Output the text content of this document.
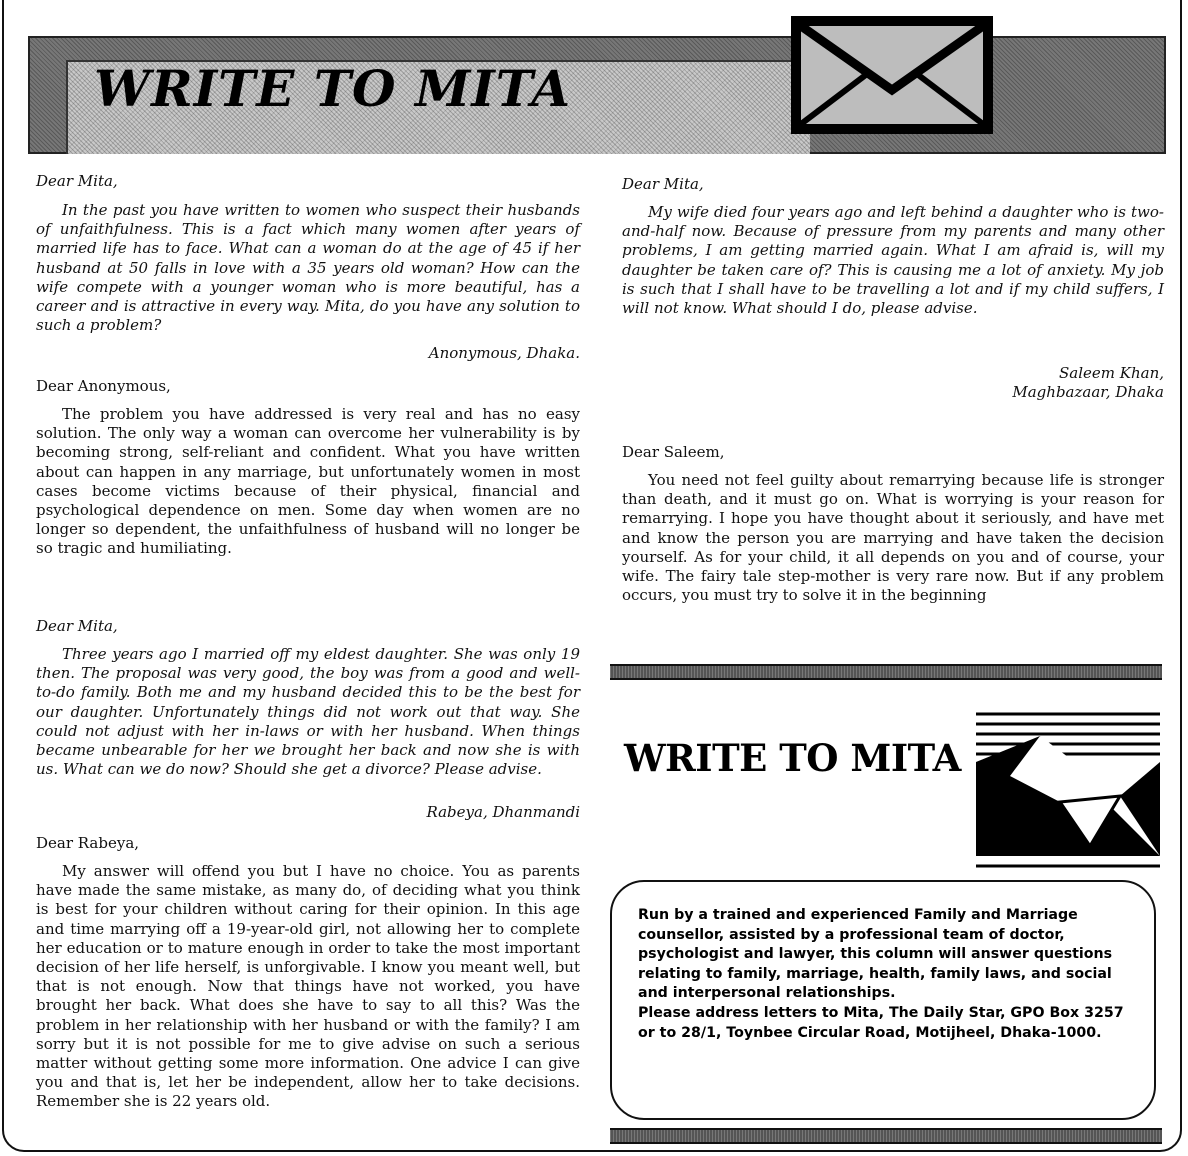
WRITE TO MITA
Dear Mita,

In the past you have written to women who suspect their husbands of unfaithfulness. This is a fact which many women after years of married life has to face. What can a woman do at the age of 45 if her husband at 50 falls in love with a 35 years old woman? How can the wife compete with a younger woman who is more beautiful, has a career and is attractive in every way. Mita, do you have any solution to such a problem?

Anonymous, Dhaka.
Dear Anonymous,

The problem you have addressed is very real and has no easy solution. The only way a woman can overcome her vulnerability is by becoming strong, self-reliant and confident. What you have written about can happen in any marriage, but unfortunately women in most cases become victims because of their physical, financial and psychological dependence on men. Some day when women are no longer so dependent, the unfaithfulness of husband will no longer be so tragic and humiliating.

Dear Mita,

Three years ago I married off my eldest daughter. She was only 19 then. The proposal was very good, the boy was from a good and well-to-do family. Both me and my husband decided this to be the best for our daughter. Unfortunately things did not work out that way. She could not adjust with her in-laws or with her husband. When things became unbearable for her we brought her back and now she is with us. What can we do now? Should she get a divorce? Please advise.

Rabeya, Dhanmandi
Dear Rabeya,

My answer will offend you but I have no choice. You as parents have made the same mistake, as many do, of deciding what you think is best for your children without caring for their opinion. In this age and time marrying off a 19-year-old girl, not allowing her to complete her education or to mature enough in order to take the most important decision of her life herself, is unforgivable. I know you meant well, but that is not enough. Now that things have not worked, you have brought her back. What does she have to say to all this? Was the problem in her relationship with her husband or with the family? I am sorry but it is not possible for me to give advise on such a serious matter without getting some more information. One advice I can give you and that is, let her be independent, allow her to take decisions. Remember she is 22 years old.

Dear Mita,

My wife died four years ago and left behind a daughter who is two-and-half now. Because of pressure from my parents and many other problems, I am getting married again. What I am afraid is, will my daughter be taken care of? This is causing me a lot of anxiety. My job is such that I shall have to be travelling a lot and if my child suffers, I will not know. What should I do, please advise.

Saleem Khan,
Maghbazaar, Dhaka
Dear Saleem,

You need not feel guilty about remarrying because life is stronger than death, and it must go on. What is worrying is your reason for remarrying. I hope you have thought about it seriously, and have met and know the person you are marrying and have taken the decision yourself. As for your child, it all depends on you and of course, your wife. The fairy tale step-mother is very rare now. But if any problem occurs, you must try to solve it in the beginning

WRITE TO MITA

Run by a trained and experienced Family and Marriage counsellor, assisted by a professional team of doctor, psychologist and lawyer, this column will answer questions relating to family, marriage, health, family laws, and social and interpersonal relationships.

Please address letters to Mita, The Daily Star, GPO Box 3257 or to 28/1, Toynbee Circular Road, Motijheel, Dhaka-1000.
